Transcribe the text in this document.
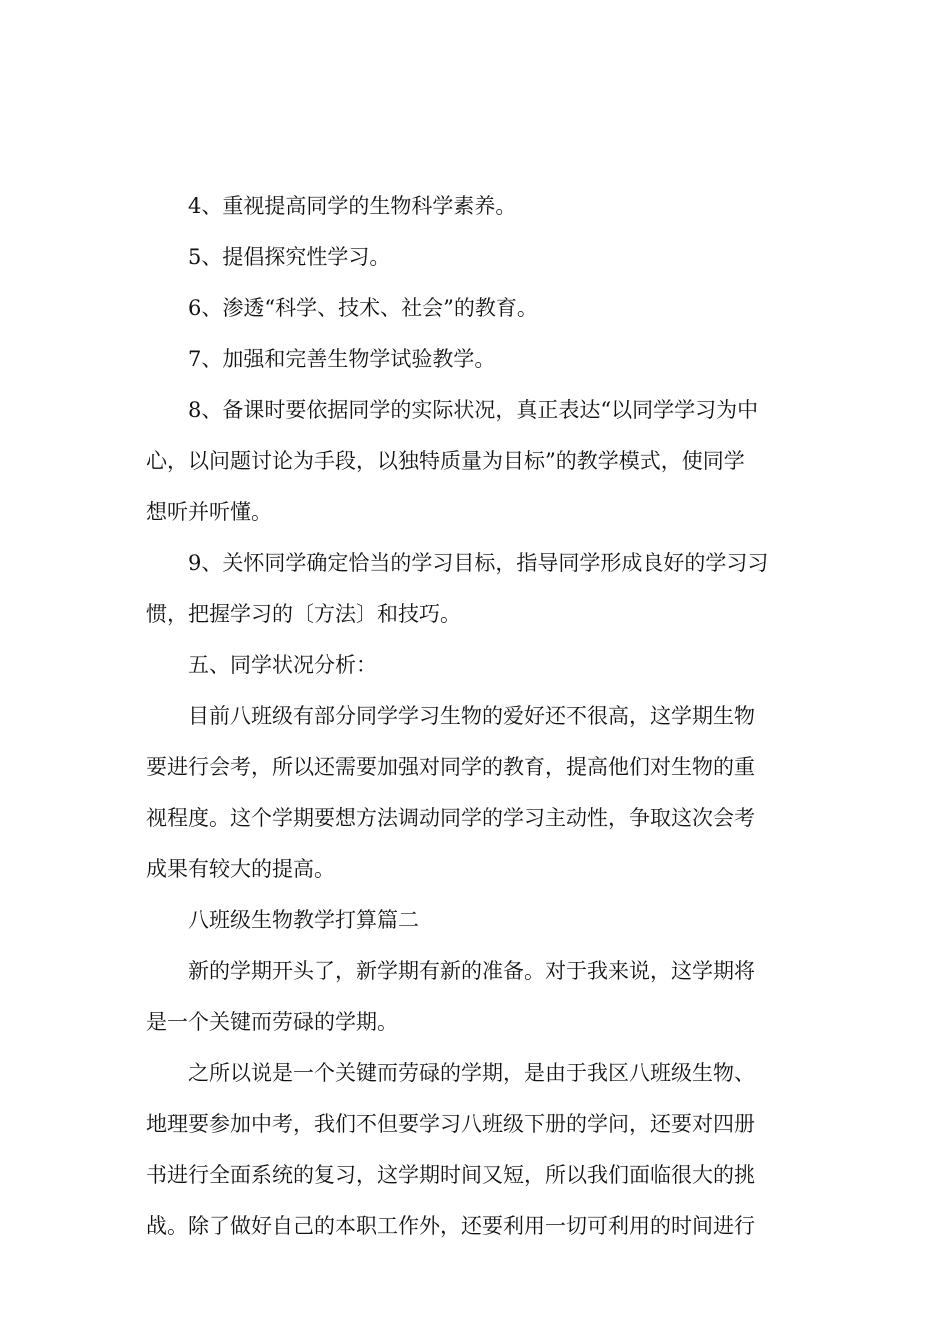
4、重视提高同学的生物科学素养。
5、提倡探究性学习。
6、渗透“科学、技术、社会”的教育。
7、加强和完善生物学试验教学。
8、备课时要依据同学的实际状况，真正表达“以同学学习为中
心，以问题讨论为手段，以独特质量为目标”的教学模式，使同学
想听并听懂。
9、关怀同学确定恰当的学习目标，指导同学形成良好的学习习
惯，把握学习的〔方法〕和技巧。
五、同学状况分析：
目前八班级有部分同学学习生物的爱好还不很高，这学期生物
要进行会考，所以还需要加强对同学的教育，提高他们对生物的重
视程度。这个学期要想方法调动同学的学习主动性，争取这次会考
成果有较大的提高。
八班级生物教学打算篇二
新的学期开头了，新学期有新的准备。对于我来说，这学期将
是一个关键而劳碌的学期。
之所以说是一个关键而劳碌的学期，是由于我区八班级生物、
地理要参加中考，我们不但要学习八班级下册的学问，还要对四册
书进行全面系统的复习，这学期时间又短，所以我们面临很大的挑
战。除了做好自己的本职工作外，还要利用一切可利用的时间进行
